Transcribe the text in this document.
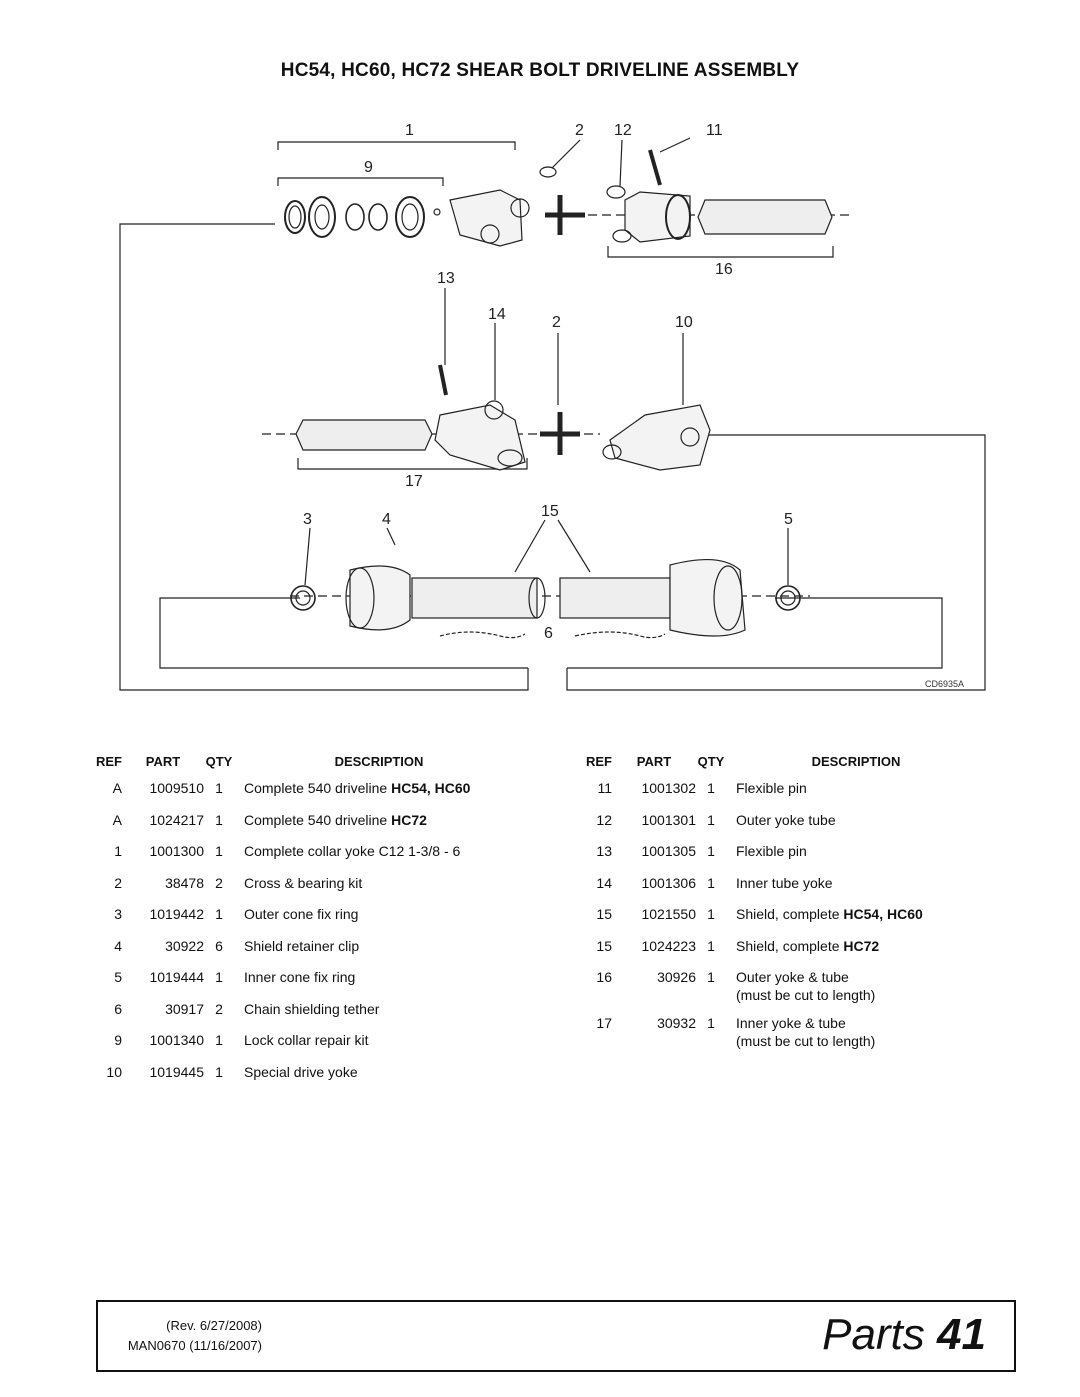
HC54, HC60, HC72 SHEAR BOLT DRIVELINE ASSEMBLY
1	2 12	11
9
16
13
14	2	10
17
3	4	15	5
6
CD6935A
REF	PART	QTY	DESCRIPTION
A	1009510	1	Complete 540 driveline HC54, HC60
A	1024217	1	Complete 540 driveline HC72
1	1001300	1	Complete collar yoke C12 1-3/8 - 6
2	38478	2	Cross & bearing kit
3	1019442	1	Outer cone fix ring
4	30922	6	Shield retainer clip
5	1019444	1	Inner cone fix ring
6	30917	2	Chain shielding tether
9	1001340	1	Lock collar repair kit
10	1019445	1	Special drive yoke
REF	PART	QTY	DESCRIPTION
11	1001302	1	Flexible pin
12	1001301	1	Outer yoke tube
13	1001305	1	Flexible pin
14	1001306	1	Inner tube yoke
15	1021550	1	Shield, complete HC54, HC60
15	1024223	1	Shield, complete HC72
16	30926	1	Outer yoke & tube
(must be cut to length)

17	30932	1	Inner yoke & tube
(must be cut to length)
(Rev. 6/27/2008)
MAN0670 (11/16/2007)	Parts 41
